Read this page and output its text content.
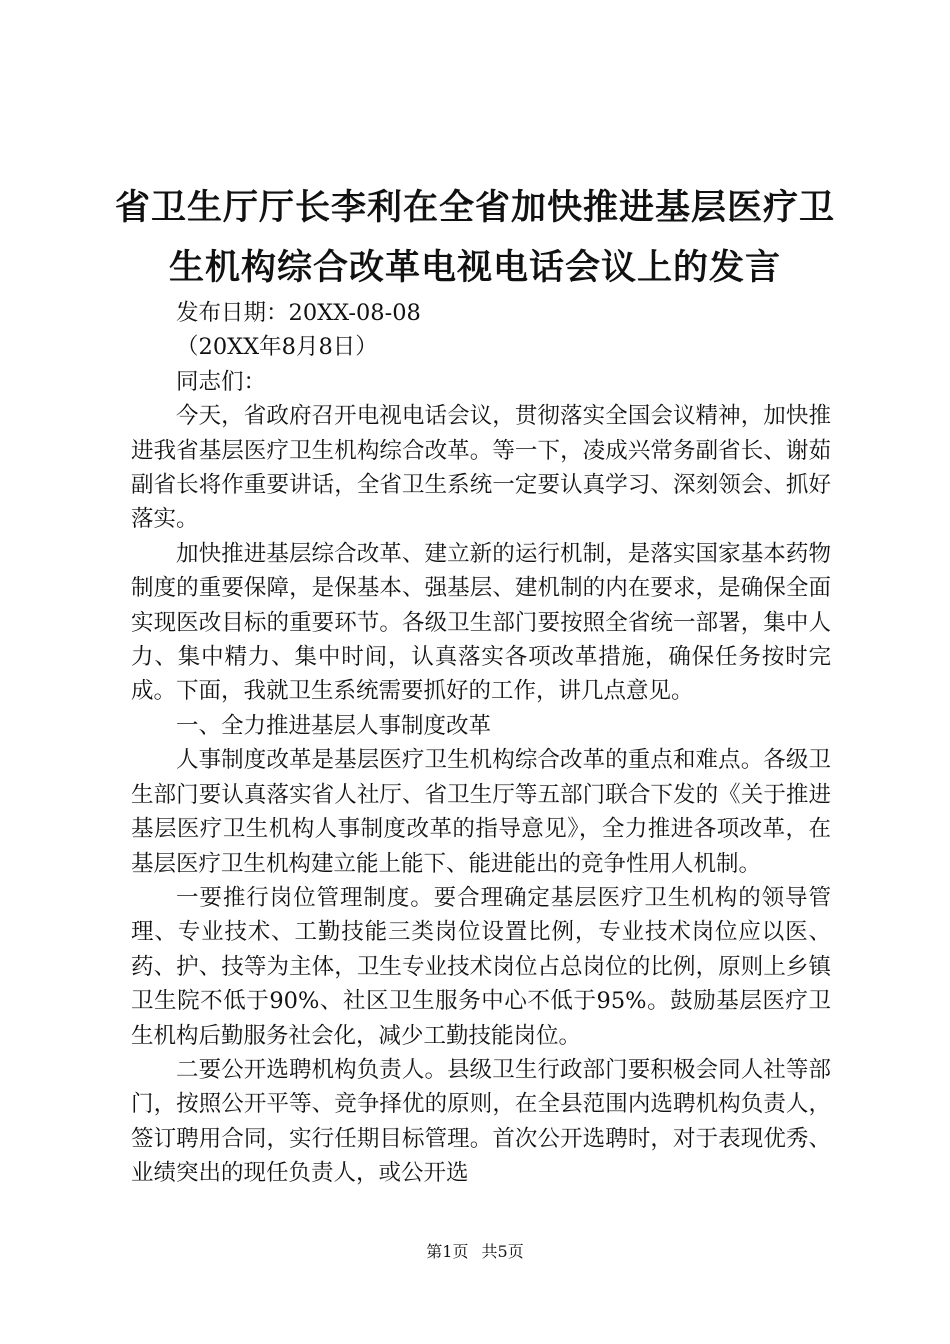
省卫生厅厅长李利在全省加快推进基层医疗卫
生机构综合改革电视电话会议上的发言

发布日期：20XX-08-08

（20XX年8月8日）

同志们：

今天，省政府召开电视电话会议，贯彻落实全国会议精神，加快推进我省基层医疗卫生机构综合改革。等一下，凌成兴常务副省长、谢茹副省长将作重要讲话，全省卫生系统一定要认真学习、深刻领会、抓好落实。

加快推进基层综合改革、建立新的运行机制，是落实国家基本药物制度的重要保障，是保基本、强基层、建机制的内在要求，是确保全面实现医改目标的重要环节。各级卫生部门要按照全省统一部署，集中人力、集中精力、集中时间，认真落实各项改革措施，确保任务按时完成。下面，我就卫生系统需要抓好的工作，讲几点意见。

一、全力推进基层人事制度改革

人事制度改革是基层医疗卫生机构综合改革的重点和难点。各级卫生部门要认真落实省人社厅、省卫生厅等五部门联合下发的《关于推进基层医疗卫生机构人事制度改革的指导意见》，全力推进各项改革，在基层医疗卫生机构建立能上能下、能进能出的竞争性用人机制。

一要推行岗位管理制度。要合理确定基层医疗卫生机构的领导管理、专业技术、工勤技能三类岗位设置比例，专业技术岗位应以医、药、护、技等为主体，卫生专业技术岗位占总岗位的比例，原则上乡镇卫生院不低于90%、社区卫生服务中心不低于95%。鼓励基层医疗卫生机构后勤服务社会化，减少工勤技能岗位。

二要公开选聘机构负责人。县级卫生行政部门要积极会同人社等部门，按照公开平等、竞争择优的原则，在全县范围内选聘机构负责人，签订聘用合同，实行任期目标管理。首次公开选聘时，对于表现优秀、业绩突出的现任负责人，或公开选

第1页 共5页
